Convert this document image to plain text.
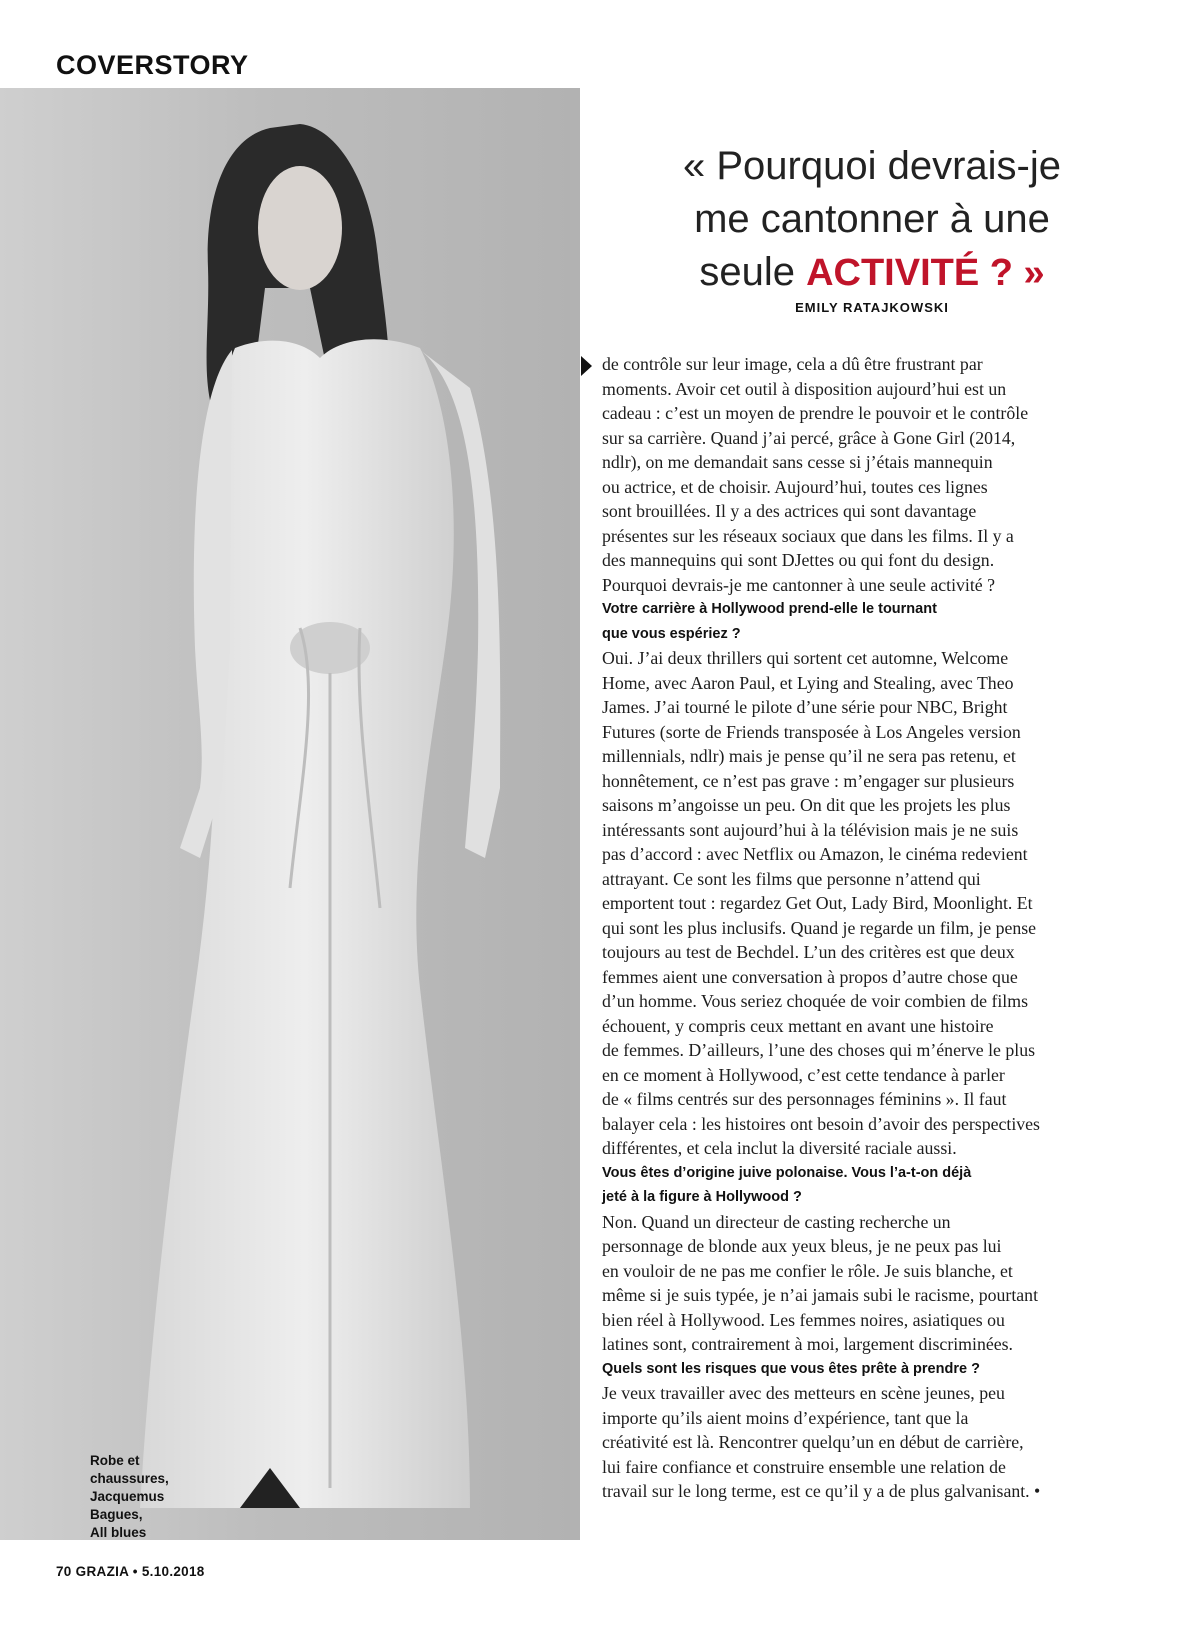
COVERSTORY
Robe et
chaussures,
Jacquemus
Bagues,
All blues
« Pourquoi devrais-je
me cantonner à une
seule ACTIVITÉ ? »
EMILY RATAJKOWSKI
de contrôle sur leur image, cela a dû être frustrant par
moments. Avoir cet outil à disposition aujourd’hui est un
cadeau : c’est un moyen de prendre le pouvoir et le contrôle
sur sa carrière. Quand j’ai percé, grâce à Gone Girl (2014,
ndlr), on me demandait sans cesse si j’étais mannequin
ou actrice, et de choisir. Aujourd’hui, toutes ces lignes
sont brouillées. Il y a des actrices qui sont davantage
présentes sur les réseaux sociaux que dans les films. Il y a
des mannequins qui sont DJettes ou qui font du design.
Pourquoi devrais-je me cantonner à une seule activité ?
Votre carrière à Hollywood prend-elle le tournant
que vous espériez ?
Oui. J’ai deux thrillers qui sortent cet automne, Welcome
Home, avec Aaron Paul, et Lying and Stealing, avec Theo
James. J’ai tourné le pilote d’une série pour NBC, Bright
Futures (sorte de Friends transposée à Los Angeles version
millennials, ndlr) mais je pense qu’il ne sera pas retenu, et
honnêtement, ce n’est pas grave : m’engager sur plusieurs
saisons m’angoisse un peu. On dit que les projets les plus
intéressants sont aujourd’hui à la télévision mais je ne suis
pas d’accord : avec Netflix ou Amazon, le cinéma redevient
attrayant. Ce sont les films que personne n’attend qui
emportent tout : regardez Get Out, Lady Bird, Moonlight. Et
qui sont les plus inclusifs. Quand je regarde un film, je pense
toujours au test de Bechdel. L’un des critères est que deux
femmes aient une conversation à propos d’autre chose que
d’un homme. Vous seriez choquée de voir combien de films
échouent, y compris ceux mettant en avant une histoire
de femmes. D’ailleurs, l’une des choses qui m’énerve le plus
en ce moment à Hollywood, c’est cette tendance à parler
de « films centrés sur des personnages féminins ». Il faut
balayer cela : les histoires ont besoin d’avoir des perspectives
différentes, et cela inclut la diversité raciale aussi.
Vous êtes d’origine juive polonaise. Vous l’a-t-on déjà
jeté à la figure à Hollywood ?
Non. Quand un directeur de casting recherche un
personnage de blonde aux yeux bleus, je ne peux pas lui
en vouloir de ne pas me confier le rôle. Je suis blanche, et
même si je suis typée, je n’ai jamais subi le racisme, pourtant
bien réel à Hollywood. Les femmes noires, asiatiques ou
latines sont, contrairement à moi, largement discriminées.
Quels sont les risques que vous êtes prête à prendre ?
Je veux travailler avec des metteurs en scène jeunes, peu
importe qu’ils aient moins d’expérience, tant que la
créativité est là. Rencontrer quelqu’un en début de carrière,
lui faire confiance et construire ensemble une relation de
travail sur le long terme, est ce qu’il y a de plus galvanisant. •
70 GRAZIA • 5.10.2018
